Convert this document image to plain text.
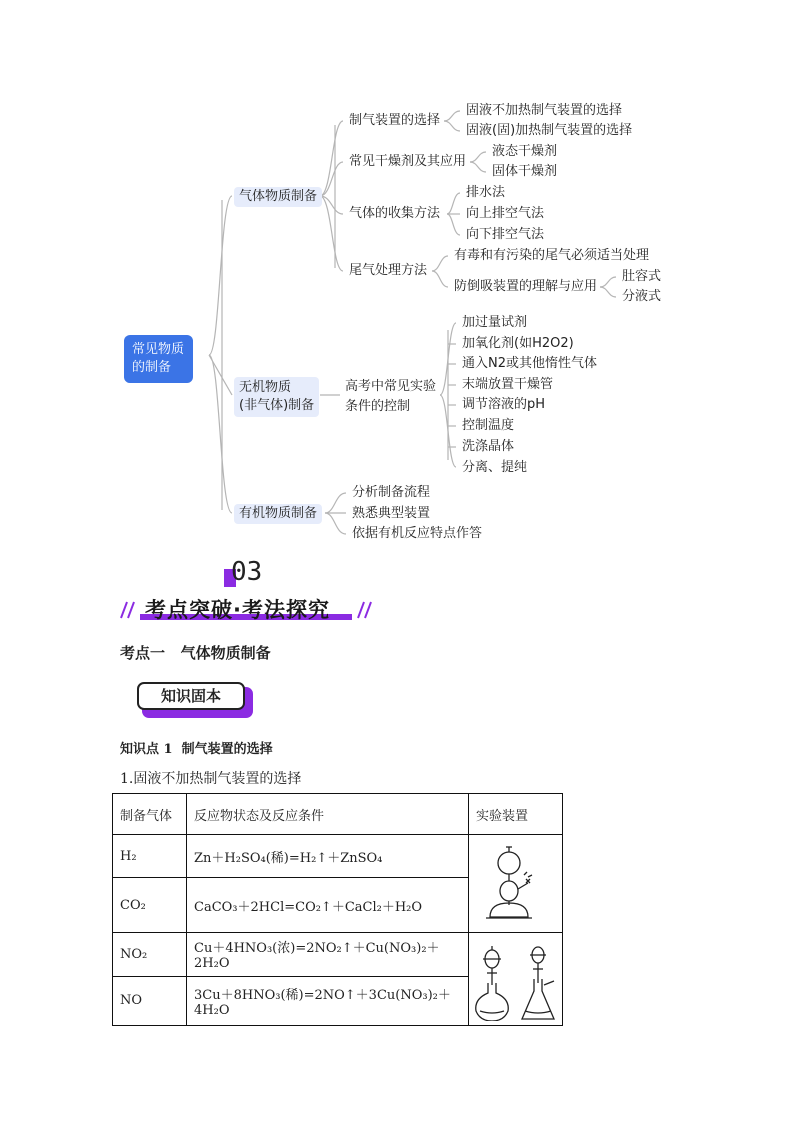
常见物质的制备
气体物质制备
制气装置的选择
固液不加热制气装置的选择
固液(固)加热制气装置的选择
常见干燥剂及其应用
液态干燥剂
固体干燥剂
气体的收集方法
排水法
向上排空气法
向下排空气法
尾气处理方法
有毒和有污染的尾气必须适当处理
防倒吸装置的理解与应用
肚容式
分液式
无机物质
(非气体)制备
高考中常见实验
条件的控制
加过量试剂
加氧化剂(如H2O2)
通入N2或其他惰性气体
末端放置干燥管
调节溶液的pH
控制温度
洗涤晶体
分离、提纯
有机物质制备
分析制备流程
熟悉典型装置
依据有机反应特点作答
03
考点突破·考法探究
考点一   气体物质制备
知识固本
知识点 1  制气装置的选择
1.固液不加热制气装置的选择
制备气体	反应物状态及反应条件	实验装置
H₂	Zn＋H₂SO₄(稀)=H₂↑＋ZnSO₄	
CO₂	CaCO₃＋2HCl=CO₂↑＋CaCl₂＋H₂O	
NO₂	Cu＋4HNO₃(浓)=2NO₂↑＋Cu(NO₃)₂＋2H₂O	
NO	3Cu＋8HNO₃(稀)=2NO↑＋3Cu(NO₃)₂＋4H₂O	
